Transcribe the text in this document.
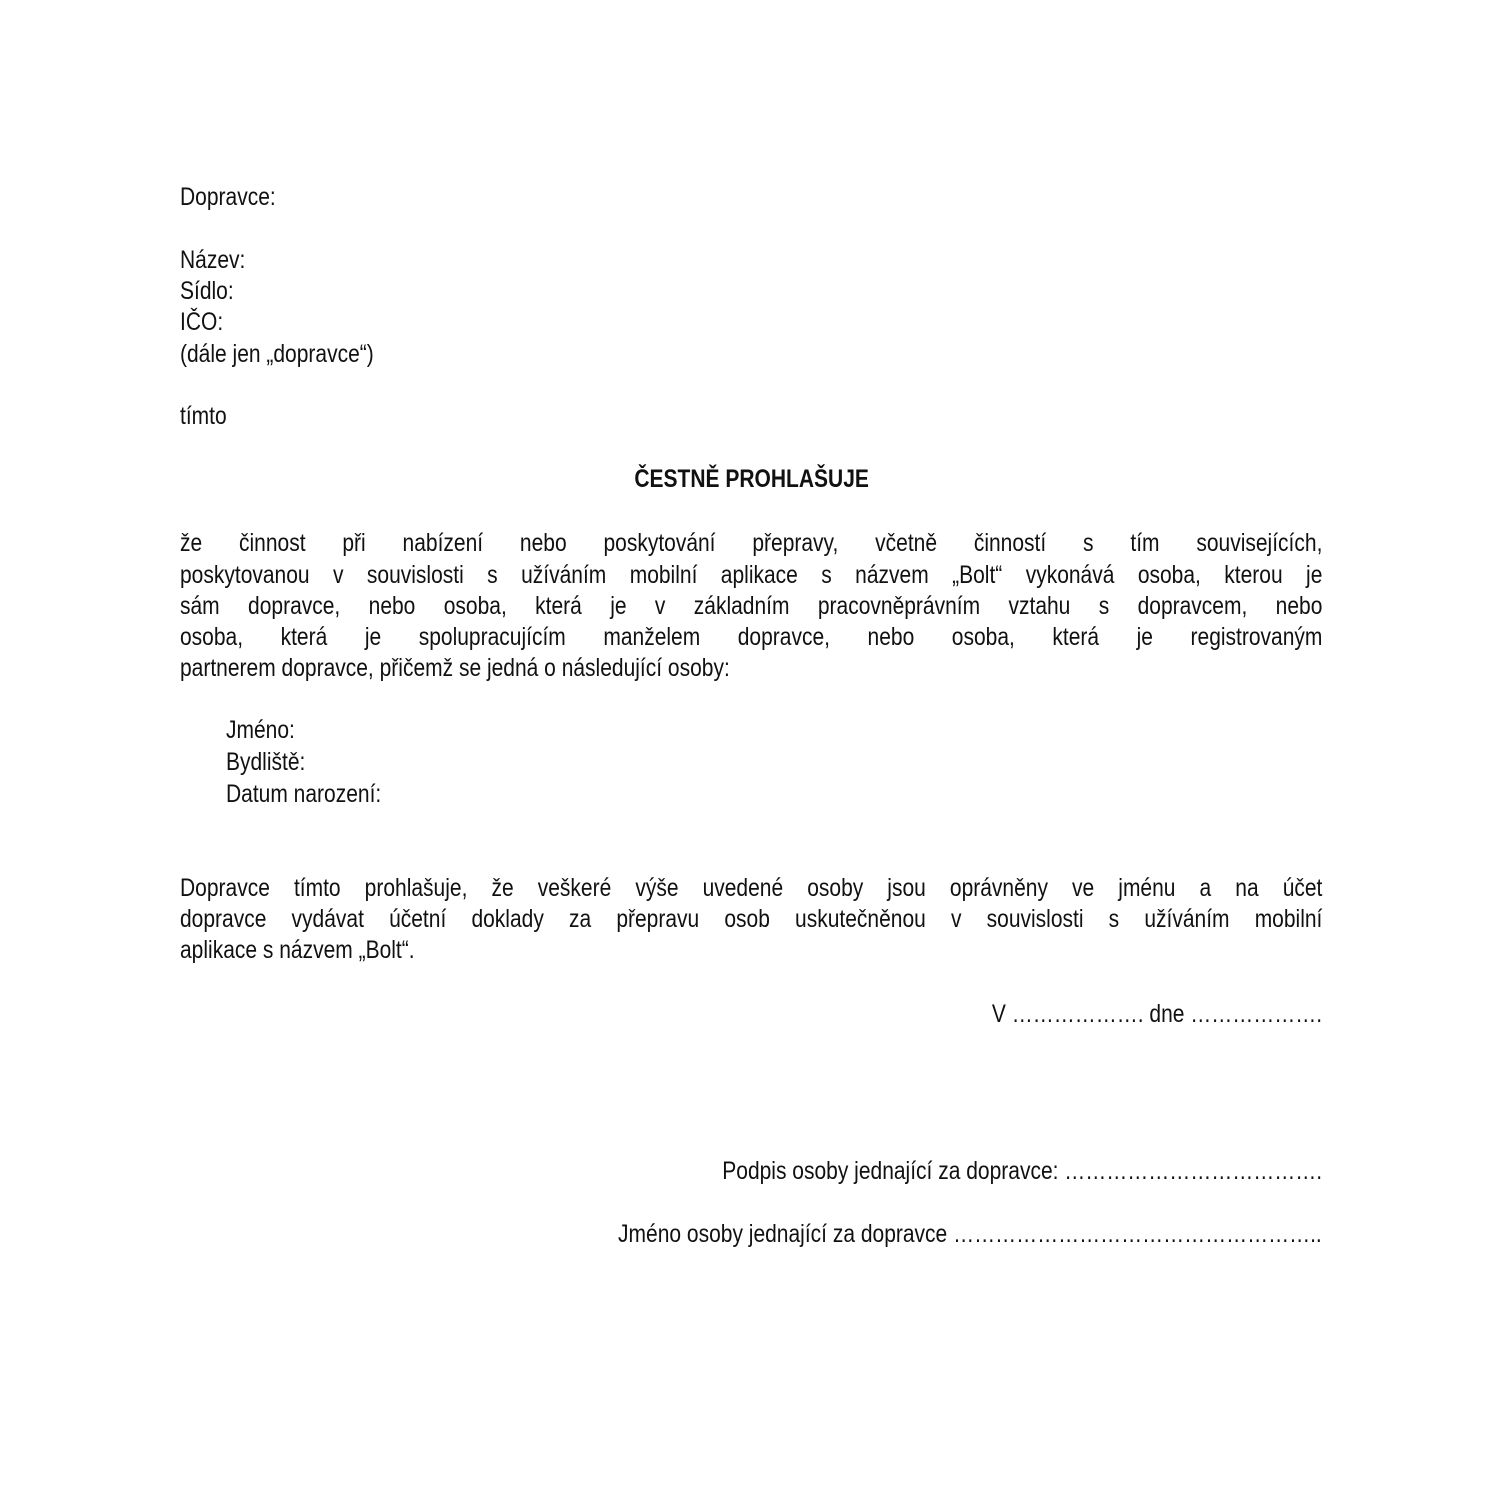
Dopravce:
Název:
Sídlo:
IČO:
(dále jen „dopravce“)
tímto
ČESTNĚ PROHLAŠUJE
že činnost při nabízení nebo poskytování přepravy, včetně činností s tím souvisejících,
poskytovanou v souvislosti s užíváním mobilní aplikace s názvem „Bolt“ vykonává osoba, kterou je
sám dopravce, nebo osoba, která je v základním pracovněprávním vztahu s dopravcem, nebo
osoba, která je spolupracujícím manželem dopravce, nebo osoba, která je registrovaným
partnerem dopravce, přičemž se jedná o následující osoby:
Jméno:
Bydliště:
Datum narození:
Dopravce tímto prohlašuje, že veškeré výše uvedené osoby jsou oprávněny ve jménu a na účet
dopravce vydávat účetní doklady za přepravu osob uskutečněnou v souvislosti s užíváním mobilní
aplikace s názvem „Bolt“.
V ………………. dne ……………….
Podpis osoby jednající za dopravce: ……………………………….
Jméno osoby jednající za dopravce ……………………………………………..
